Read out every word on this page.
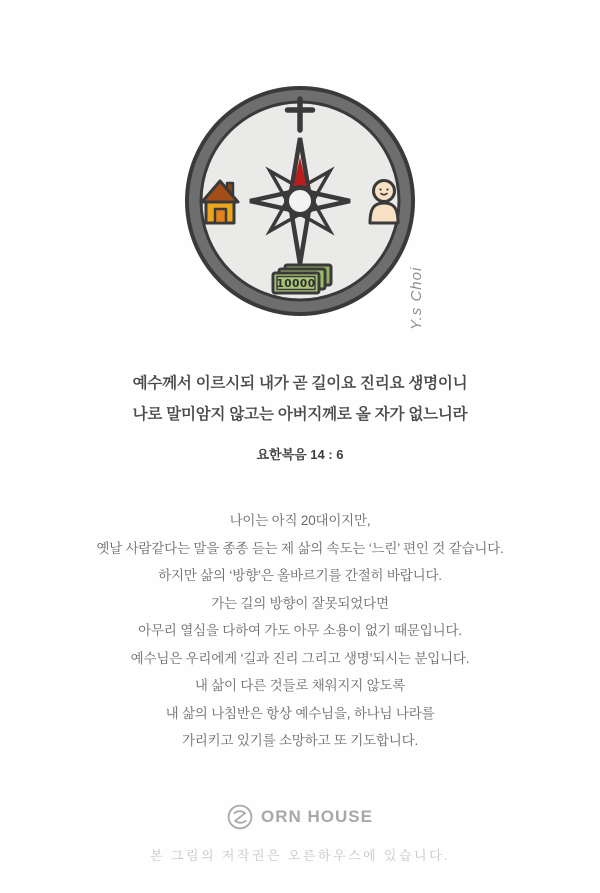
10000	Y.s Choi
예수께서 이르시되 내가 곧 길이요 진리요 생명이니
나로 말미암지 않고는 아버지께로 올 자가 없느니라
요한복음 14 : 6
나이는 아직 20대이지만,
옛날 사람같다는 말을 종종 듣는 제 삶의 속도는 ‘느린’ 편인 것 같습니다.
하지만 삶의 ‘방향’은 올바르기를 간절히 바랍니다.
가는 길의 방향이 잘못되었다면
아무리 열심을 다하여 가도 아무 소용이 없기 때문입니다.
예수님은 우리에게 ‘길과 진리 그리고 생명’되시는 분입니다.
내 삶이 다른 것들로 채워지지 않도록
내 삶의 나침반은 항상 예수님을, 하나님 나라를
가리키고 있기를 소망하고 또 기도합니다.
ORN HOUSE
본 그림의 저작권은 오른하우스에 있습니다.
